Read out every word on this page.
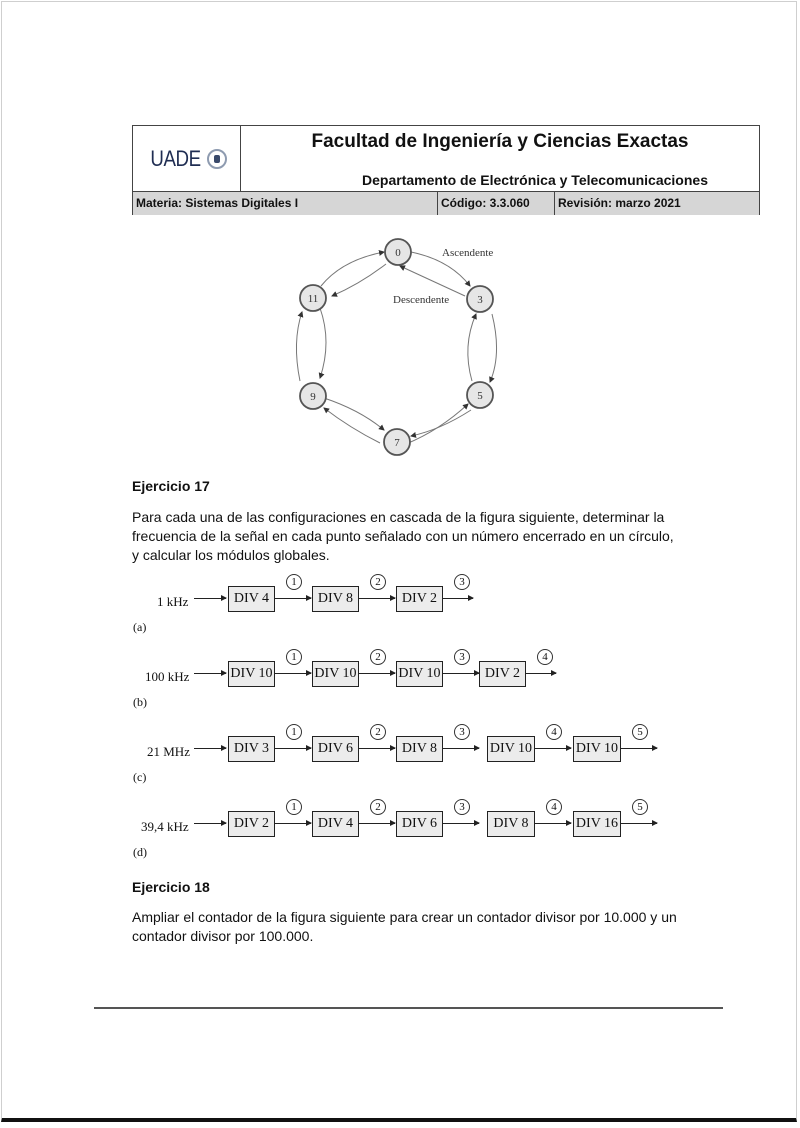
UADE
Facultad de Ingeniería y Ciencias Exactas
Departamento de Electrónica y Telecomunicaciones
Materia: Sistemas Digitales I	Código: 3.3.060	Revisión: marzo 2021
0
3
5
7
9
11
Ascendente
Descendente
Ejercicio 17
Para cada una de las configuraciones en cascada de la figura siguiente, determinar la
frecuencia de la señal en cada punto señalado con un número encerrado en un círculo,
y calcular los módulos globales.
1 kHz	DIV 4
1
DIV 8
2
DIV 2
3
(a)
100 kHz	DIV 10
1
DIV 10
2
DIV 10
3
DIV 2
4
(b)
21 MHz	DIV 3
1
DIV 6
2
DIV 8
3
DIV 10
4
DIV 10
5
(c)
39,4 kHz	DIV 2
1
DIV 4
2
DIV 6
3
DIV 8
4
DIV 16
5
(d)
Ejercicio 18
Ampliar el contador de la figura siguiente para crear un contador divisor por 10.000 y un
contador divisor por 100.000.
